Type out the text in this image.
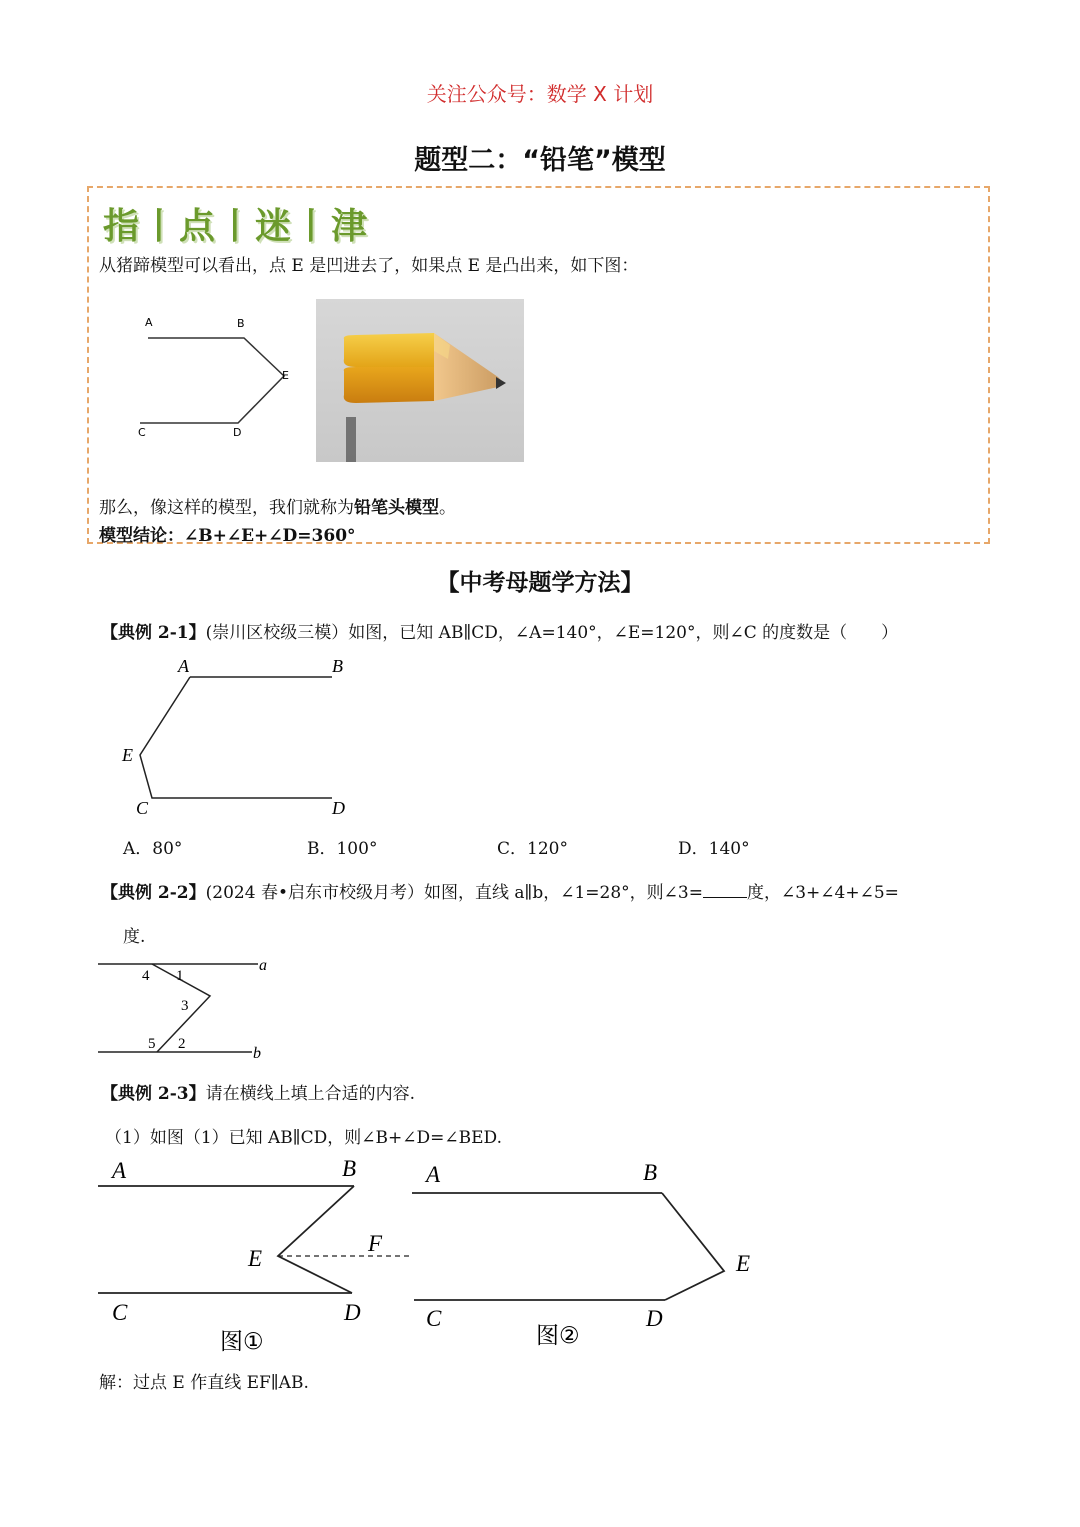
关注公众号：数学 X 计划
题型二：“铅笔”模型
指丨点丨迷丨津
从猪蹄模型可以看出，点 E 是凹进去了，如果点 E 是凸出来，如下图：
A	B
E
C	D
那么，像这样的模型，我们就称为铅笔头模型。
模型结论：∠B+∠E+∠D=360°
【中考母题学方法】
【典例 2-1】(崇川区校级三模）如图，已知 AB∥CD，∠A=140°，∠E=120°，则∠C 的度数是（　　）
A	B
E
C	D
A．80°	B．100°	C．120°	D．140°
【典例 2-2】(2024 春•启东市校级月考）如图，直线 a∥b，∠1=28°，则∠3=	度，∠3+∠4+∠5=
度.
a
b
1
2
3
4
5
【典例 2-3】请在横线上填上合适的内容.
（1）如图（1）已知 AB∥CD，则∠B+∠D=∠BED.
A	B
E
F
C	D
图①
A	B
E
C	D
图②
解：过点 E 作直线 EF∥AB.
